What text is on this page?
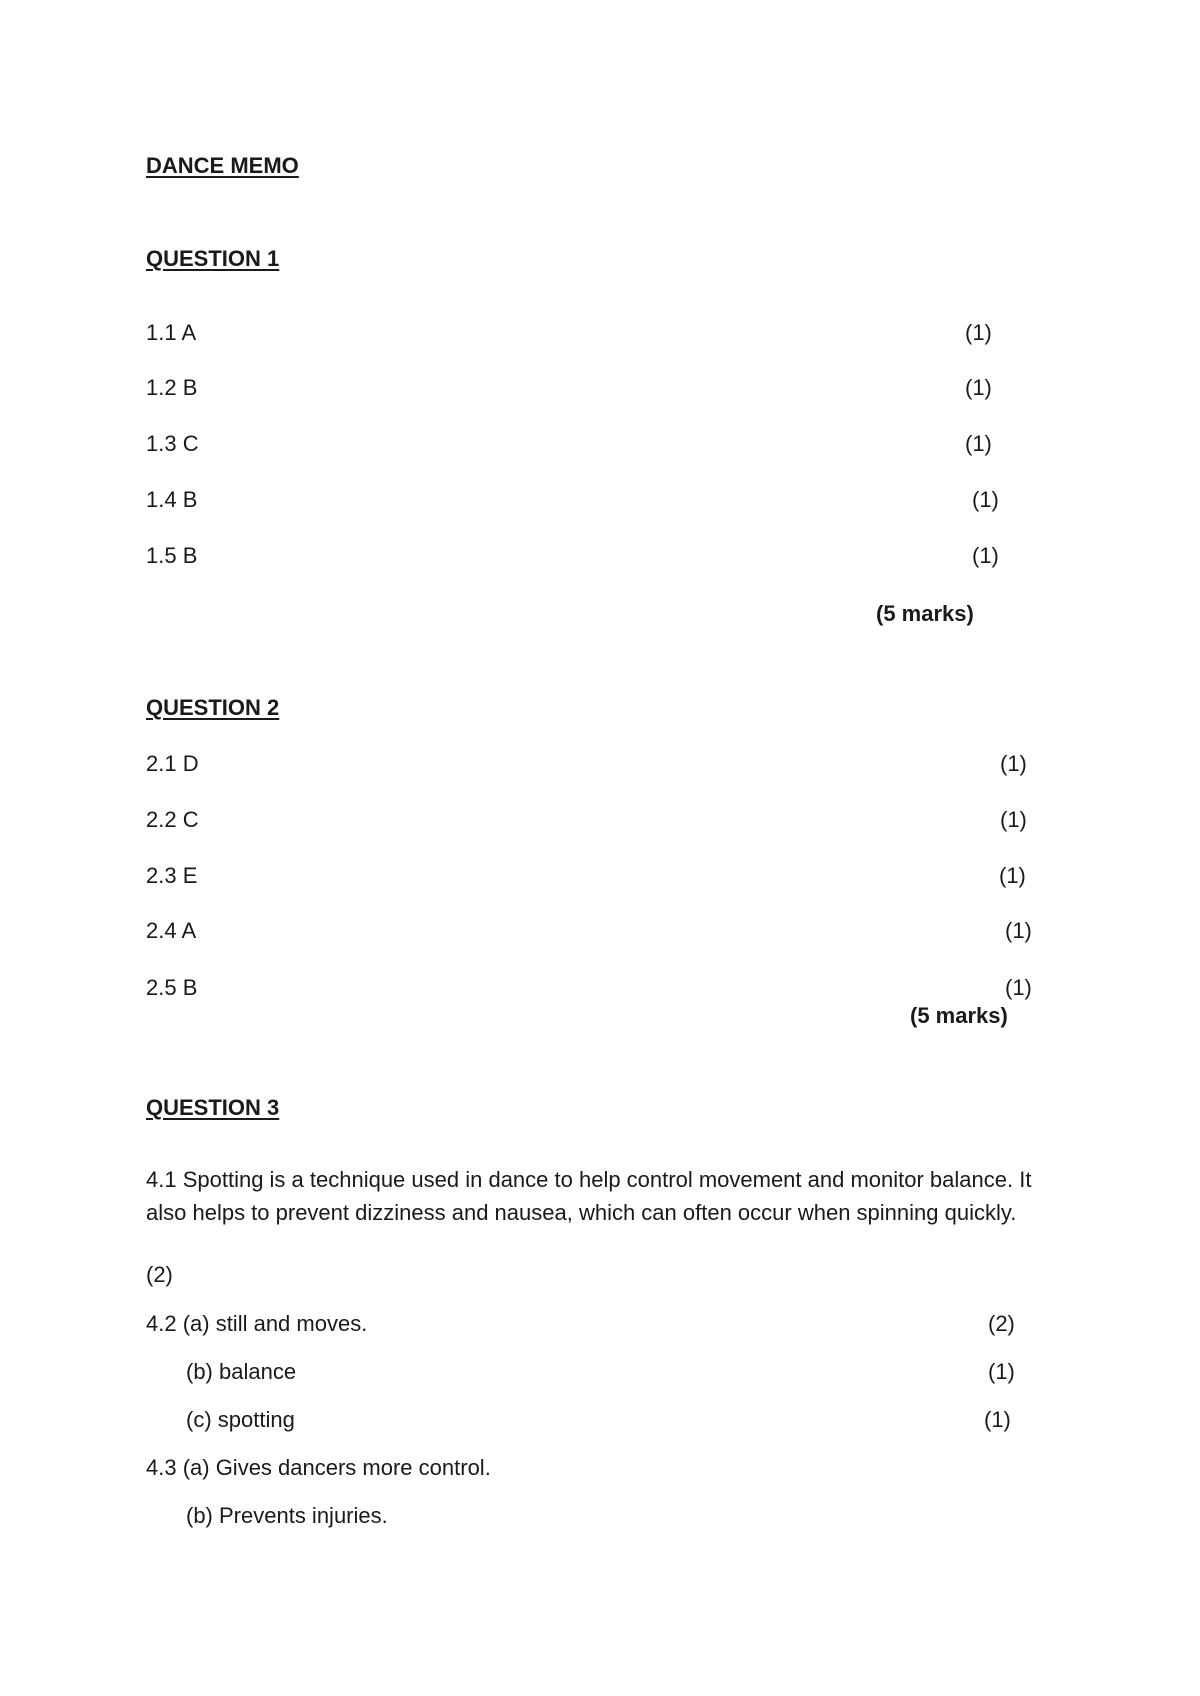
DANCE MEMO
QUESTION 1
1.1 A	(1)
1.2 B	(1)
1.3 C	(1)
1.4 B	(1)
1.5 B	(1)
(5 marks)
QUESTION 2
2.1 D	(1)
2.2 C	(1)
2.3 E	(1)
2.4 A	(1)
2.5 B	(1)
(5 marks)
QUESTION 3
4.1 Spotting is a technique used in dance to help control movement and monitor balance. It also helps to prevent dizziness and nausea, which can often occur when spinning quickly.
(2)
4.2 (a) still and moves.	(2)
(b) balance	(1)
(c) spotting	(1)
4.3 (a) Gives dancers more control.
(b) Prevents injuries.
